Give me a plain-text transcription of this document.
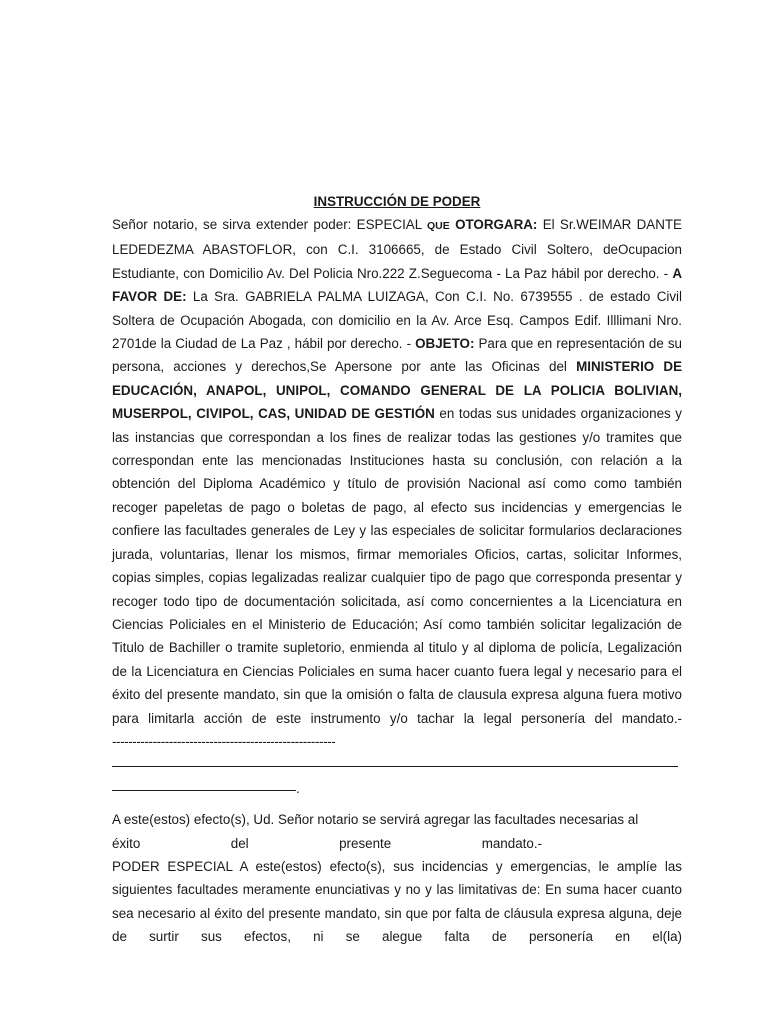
INSTRUCCIÓN DE PODER
Señor notario, se sirva extender poder: ESPECIAL QUE OTORGARA: El Sr.WEIMAR DANTE LEDEDEZMA ABASTOFLOR, con C.I. 3106665, de Estado Civil Soltero, deOcupacion Estudiante, con Domicilio Av. Del Policia Nro.222 Z.Seguecoma - La Paz hábil por derecho. - A FAVOR DE: La Sra. GABRIELA PALMA LUIZAGA, Con C.I. No. 6739555 . de estado Civil Soltera de Ocupación Abogada, con domicilio en la Av. Arce Esq. Campos Edif. Illlimani Nro. 2701de la Ciudad de La Paz , hábil por derecho. - OBJETO: Para que en representación de su persona, acciones y derechos,Se Apersone por ante las Oficinas del MINISTERIO DE EDUCACIÓN, ANAPOL, UNIPOL, COMANDO GENERAL DE LA POLICIA BOLIVIAN, MUSERPOL, CIVIPOL, CAS, UNIDAD DE GESTIÓN en todas sus unidades organizaciones y las instancias que correspondan a los fines de realizar todas las gestiones y/o tramites que correspondan ente las mencionadas Instituciones hasta su conclusión, con relación a la obtención del Diploma Académico y título de provisión Nacional así como como también recoger papeletas de pago o boletas de pago, al efecto sus incidencias y emergencias le confiere las facultades generales de Ley y las especiales de solicitar formularios declaraciones jurada, voluntarias, llenar los mismos, firmar memoriales Oficios, cartas, solicitar Informes, copias simples, copias legalizadas realizar cualquier tipo de pago que corresponda presentar y recoger todo tipo de documentación solicitada, así como concernientes a la Licenciatura en Ciencias Policiales en el Ministerio de Educación; Así como también solicitar legalización de Titulo de Bachiller o tramite supletorio, enmienda al titulo y al diploma de policía, Legalización de la Licenciatura en Ciencias Policiales en suma hacer cuanto fuera legal y necesario para el éxito del presente mandato, sin que la omisión o falta de clausula expresa alguna fuera motivo para limitarla acción de este instrumento y/o tachar la legal personería del mandato.--------------------------------------------------------
.
A este(estos) efecto(s), Ud. Señor notario se servirá agregar las facultades necesarias al
éxito	del	presente	mandato.-
PODER ESPECIAL A este(estos) efecto(s), sus incidencias y emergencias, le amplíe las siguientes facultades meramente enunciativas y no y las limitativas de: En suma hacer cuanto sea necesario al éxito del presente mandato, sin que por falta de cláusula expresa alguna, deje de surtir sus efectos, ni se alegue falta de personería en el(la)
